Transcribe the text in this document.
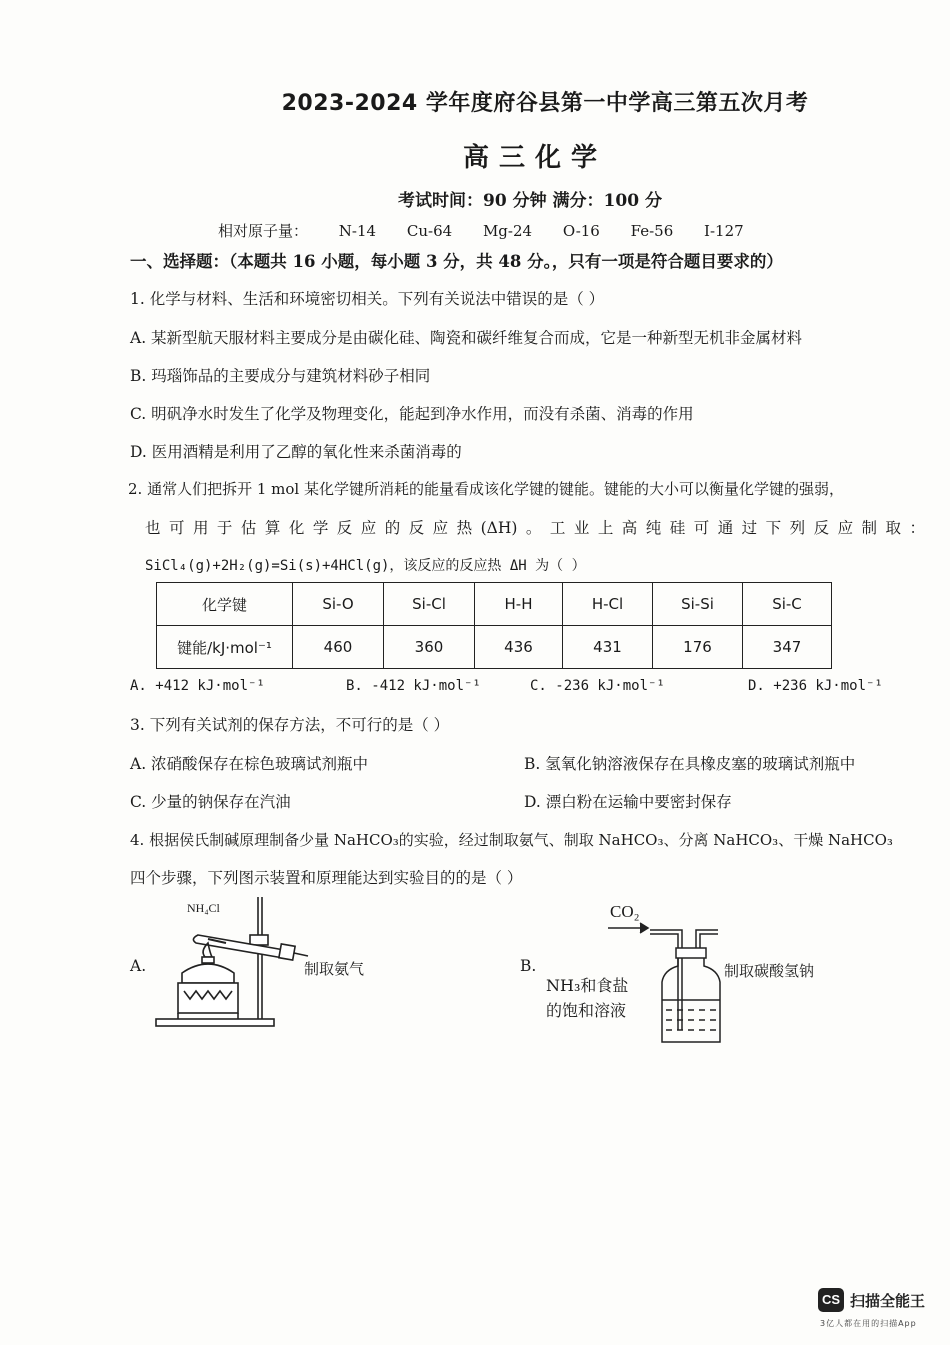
2023-2024 学年度府谷县第一中学高三第五次月考
高三化学
考试时间：90 分钟 满分：100 分
相对原子量： N-14 Cu-64 Mg-24 O-16 Fe-56 I-127
一、选择题：（本题共 16 小题，每小题 3 分，共 48 分。，只有一项是符合题目要求的）
1. 化学与材料、生活和环境密切相关。下列有关说法中错误的是（ ）
A. 某新型航天服材料主要成分是由碳化硅、陶瓷和碳纤维复合而成，它是一种新型无机非金属材料
B. 玛瑙饰品的主要成分与建筑材料砂子相同
C. 明矾净水时发生了化学及物理变化，能起到净水作用，而没有杀菌、消毒的作用
D. 医用酒精是利用了乙醇的氧化性来杀菌消毒的
2. 通常人们把拆开 1 mol 某化学键所消耗的能量看成该化学键的键能。键能的大小可以衡量化学键的强弱，
也可用于估算化学反应的反应热(ΔH)。工业上高纯硅可通过下列反应制取：
SiCl₄(g)+2H₂(g)=Si(s)+4HCl(g)，该反应的反应热 ΔH 为（ ）
化学键	Si-O	Si-Cl	H-H	H-Cl	Si-Si	Si-C
键能/kJ·mol⁻¹	460	360	436	431	176	347
A. +412 kJ·mol⁻¹	B. -412 kJ·mol⁻¹	C. -236 kJ·mol⁻¹	D. +236 kJ·mol⁻¹
3. 下列有关试剂的保存方法，不可行的是（ ）
A. 浓硝酸保存在棕色玻璃试剂瓶中	B. 氢氧化钠溶液保存在具橡皮塞的玻璃试剂瓶中
C. 少量的钠保存在汽油	D. 漂白粉在运输中要密封保存
4. 根据侯氏制碱原理制备少量 NaHCO₃的实验，经过制取氨气、制取 NaHCO₃、分离 NaHCO₃、干燥 NaHCO₃
四个步骤，下列图示装置和原理能达到实验目的的是（ ）
A.
NH₄Cl
制取氨气	B.
CO₂
NH₃和食盐
的饱和溶液
制取碳酸氢钠
CS 扫描全能王
3亿人都在用的扫描App
